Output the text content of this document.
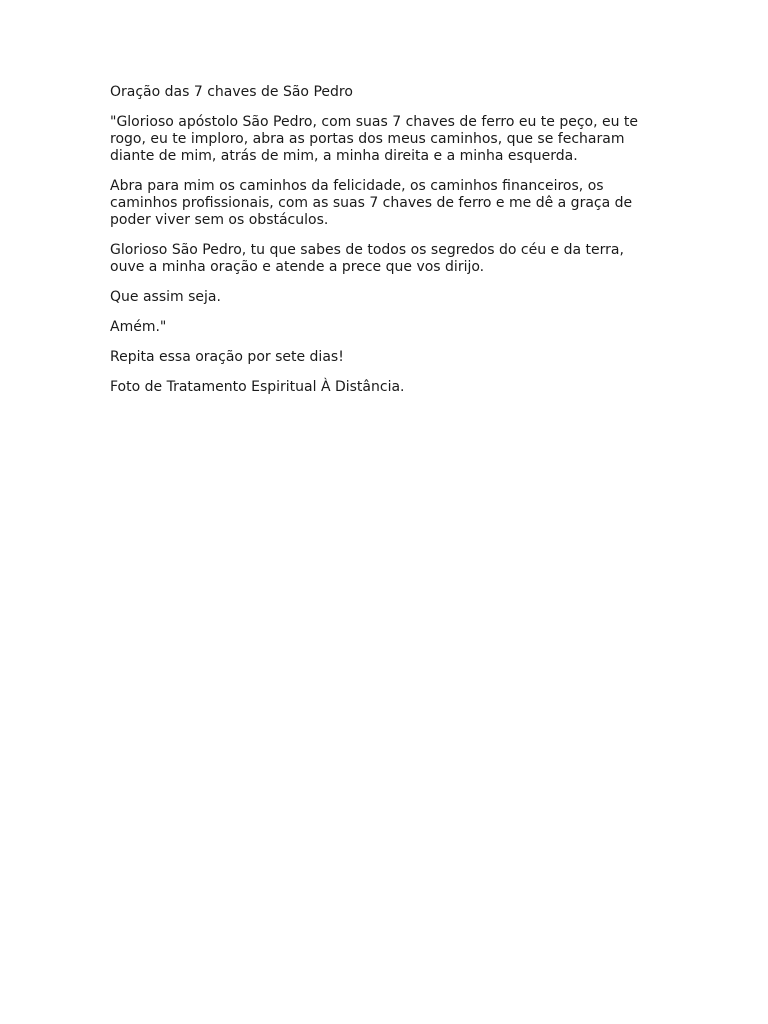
Oração das 7 chaves de São Pedro

"Glorioso apóstolo São Pedro, com suas 7 chaves de ferro eu te peço, eu te rogo, eu te imploro, abra as portas dos meus caminhos, que se fecharam diante de mim, atrás de mim, a minha direita e a minha esquerda.

Abra para mim os caminhos da felicidade, os caminhos financeiros, os caminhos profissionais, com as suas 7 chaves de ferro e me dê a graça de poder viver sem os obstáculos.

Glorioso São Pedro, tu que sabes de todos os segredos do céu e da terra, ouve a minha oração e atende a prece que vos dirijo.

Que assim seja.

Amém."

Repita essa oração por sete dias!

Foto de Tratamento Espiritual À Distância.
